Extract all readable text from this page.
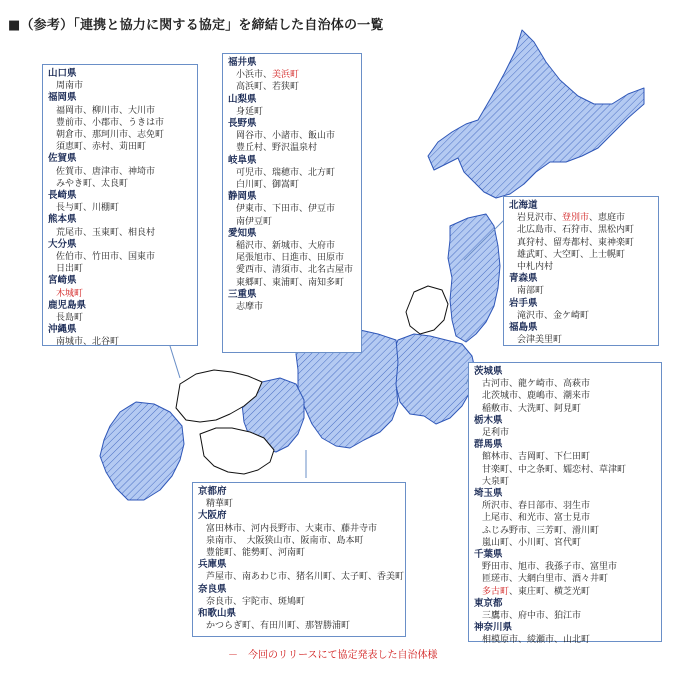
■（参考）「連携と協力に関する協定」を締結した自治体の一覧
山口県
周南市
福岡県
福岡市、柳川市、大川市
豊前市、小郡市、うきは市
朝倉市、那珂川市、志免町
須恵町、赤村、苅田町
佐賀県
佐賀市、唐津市、神埼市
みやき町、太良町
長崎県
長与町、川棚町
熊本県
荒尾市、玉東町、相良村
大分県
佐伯市、竹田市、国東市
日出町
宮崎県
木城町
鹿児島県
長島町
沖縄県
南城市、北谷町
福井県
小浜市、美浜町
高浜町、若狭町
山梨県
身延町
長野県
岡谷市、小諸市、飯山市
豊丘村、野沢温泉村
岐阜県
可児市、瑞穂市、北方町
白川町、御嵩町
静岡県
伊東市、下田市、伊豆市
南伊豆町
愛知県
稲沢市、新城市、大府市
尾張旭市、日進市、田原市
愛西市、清須市、北名古屋市
東郷町、東浦町、南知多町
三重県
志摩市
北海道
岩見沢市、登別市、恵庭市
北広島市、石狩市、黒松内町
真狩村、留寿都村、東神楽町
雄武町、大空町、上士幌町
中札内村
青森県
南部町
岩手県
滝沢市、金ケ崎町
福島県
会津美里町
茨城県
古河市、龍ケ崎市、高萩市
北茨城市、鹿嶋市、潮来市
稲敷市、大洗町、阿見町
栃木県
足利市
群馬県
館林市、吉岡町、下仁田町
甘楽町、中之条町、嬬恋村、草津町
大泉町
埼玉県
所沢市、春日部市、羽生市
上尾市、和光市、富士見市
ふじみ野市、三芳町、滑川町
嵐山町、小川町、宮代町
千葉県
野田市、旭市、我孫子市、富里市
匝瑳市、大網白里市、酒々井町
多古町、東庄町、横芝光町
東京都
三鷹市、府中市、狛江市
神奈川県
相模原市、綾瀬市、山北町
京都府
精華町
大阪府
富田林市、河内長野市、大東市、藤井寺市
泉南市、　大阪狭山市、阪南市、島本町
豊能町、能勢町、河南町
兵庫県
芦屋市、南あわじ市、猪名川町、太子町、香美町
奈良県
奈良市、宇陀市、斑鳩町
和歌山県
かつらぎ町、有田川町、那智勝浦町
－　今回のリリースにて協定発表した自治体様
